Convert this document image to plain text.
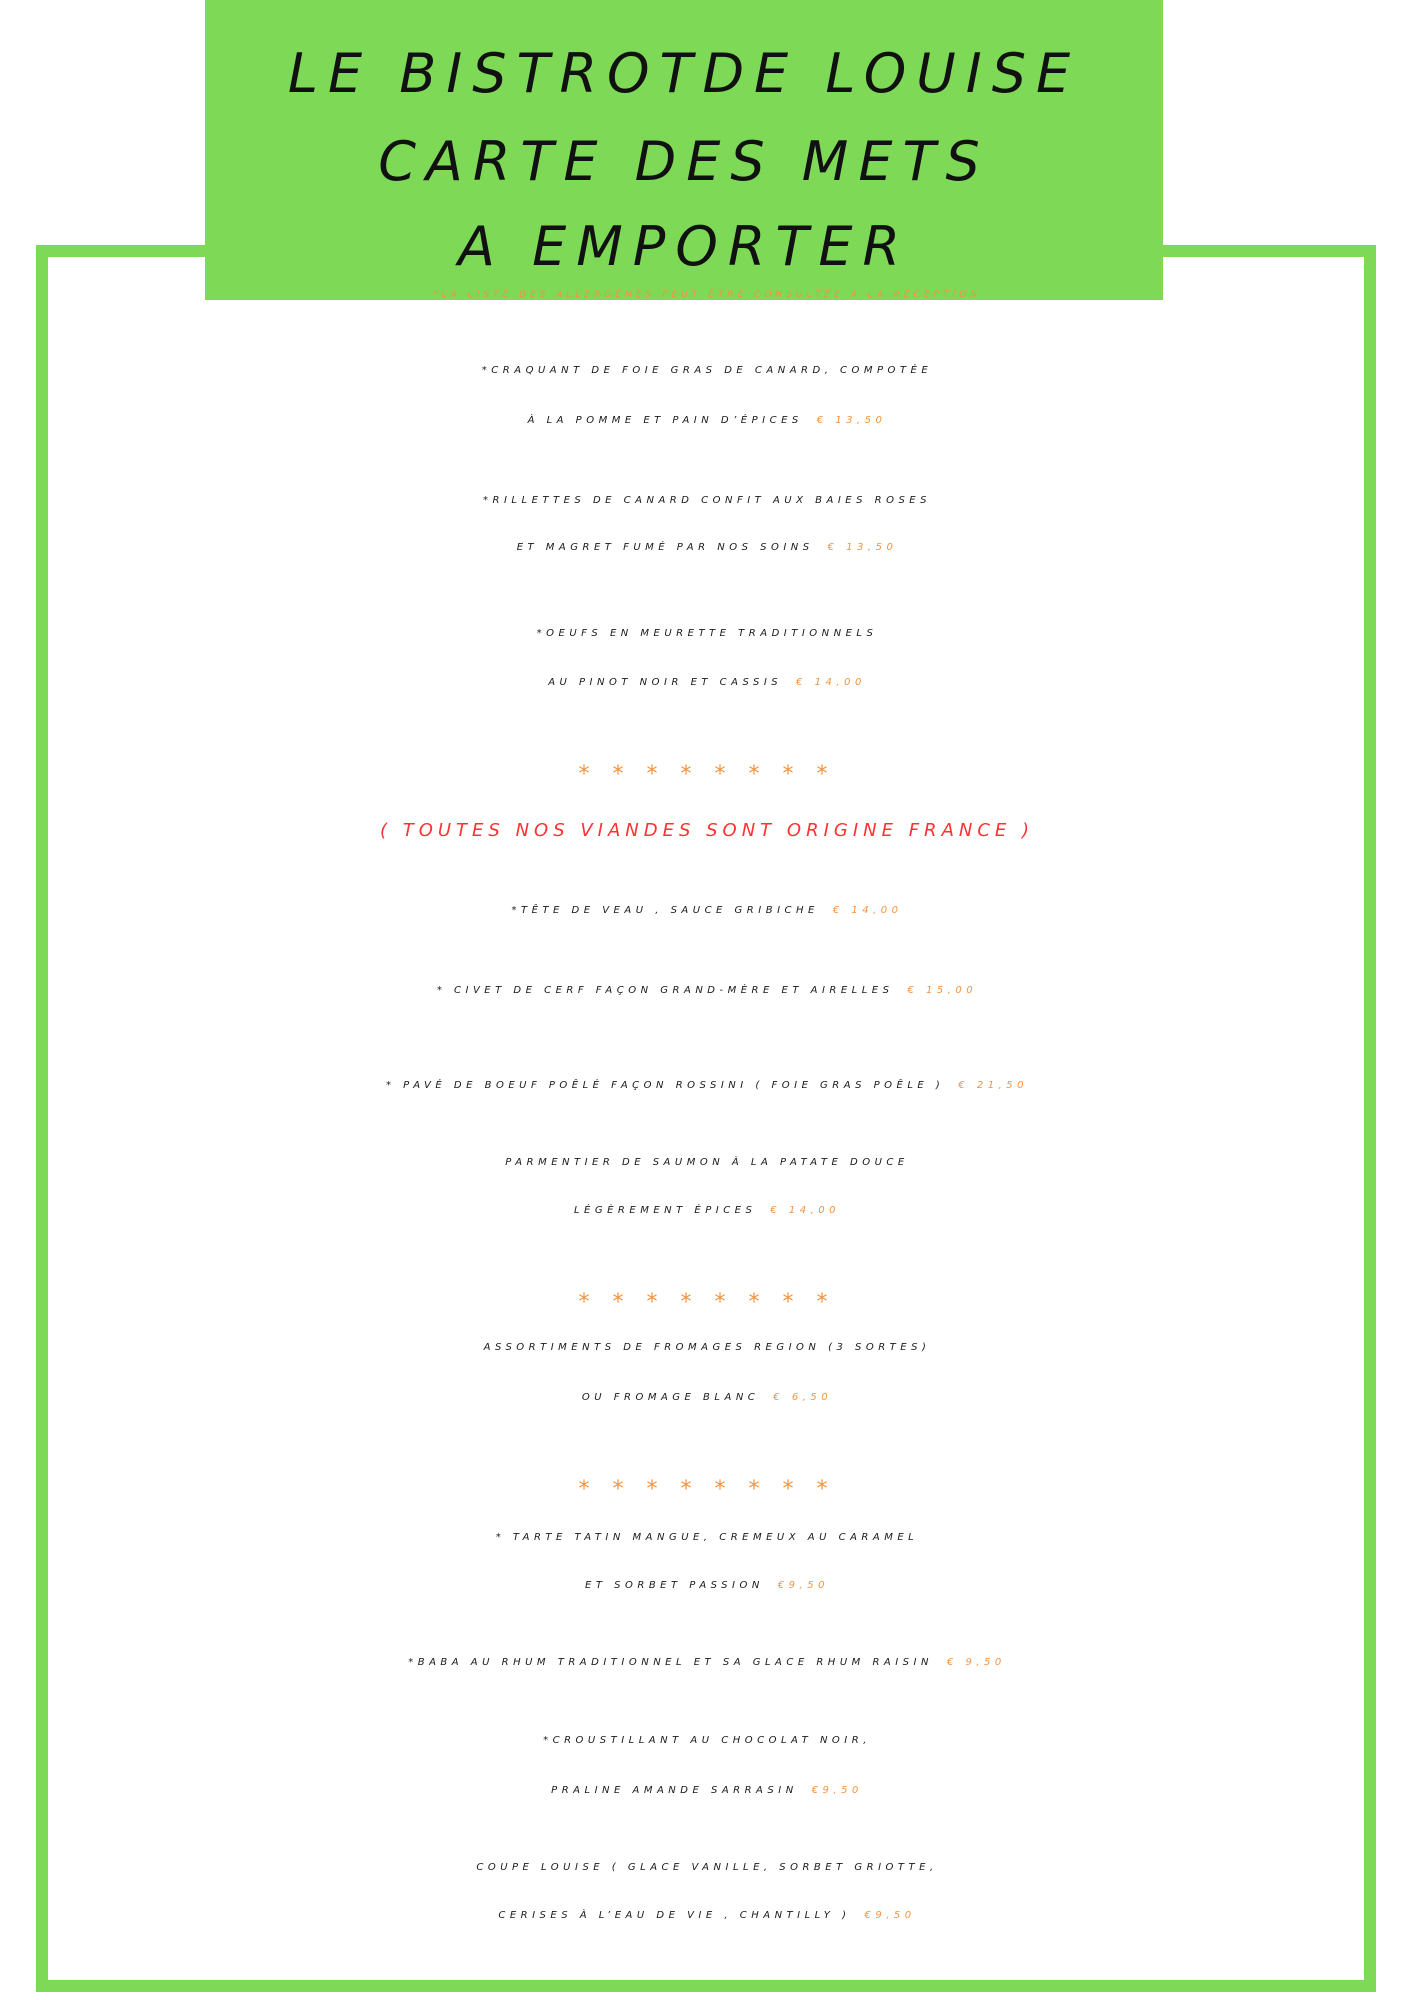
LE BISTROTDE LOUISE
CARTE DES METS
A EMPORTER
*LA LISTE DES ALLERGÈNES PEUT ÊTRE CONSULTÉE À LA RÉCEPTION
*CRAQUANT DE FOIE GRAS DE CANARD, COMPOTÉE
À LA POMME ET PAIN D’ÉPICES € 13,50
*RILLETTES DE CANARD CONFIT AUX BAIES ROSES
ET MAGRET FUMÉ PAR NOS SOINS € 13,50
*OEUFS EN MEURETTE TRADITIONNELS
AU PINOT NOIR ET CASSIS € 14,00
* * * * * * * *
( TOUTES NOS VIANDES SONT ORIGINE FRANCE )
*TÊTE DE VEAU , SAUCE GRIBICHE € 14,00
* CIVET DE CERF FAÇON GRAND-MÈRE ET AIRELLES € 15,00
* PAVÉ DE BOEUF POÊLÉ FAÇON ROSSINI ( FOIE GRAS POÊLE ) € 21,50
PARMENTIER DE SAUMON À LA PATATE DOUCE
LÉGÈREMENT ÉPICES € 14,00
* * * * * * * *
ASSORTIMENTS DE FROMAGES REGION (3 SORTES)
OU FROMAGE BLANC € 6,50
* * * * * * * *
* TARTE TATIN MANGUE, CREMEUX AU CARAMEL
ET SORBET PASSION €9,50
*BABA AU RHUM TRADITIONNEL ET SA GLACE RHUM RAISIN € 9,50
*CROUSTILLANT AU CHOCOLAT NOIR,
PRALINE AMANDE SARRASIN €9,50
COUPE LOUISE ( GLACE VANILLE, SORBET GRIOTTE,
CERISES À L’EAU DE VIE , CHANTILLY ) €9,50
